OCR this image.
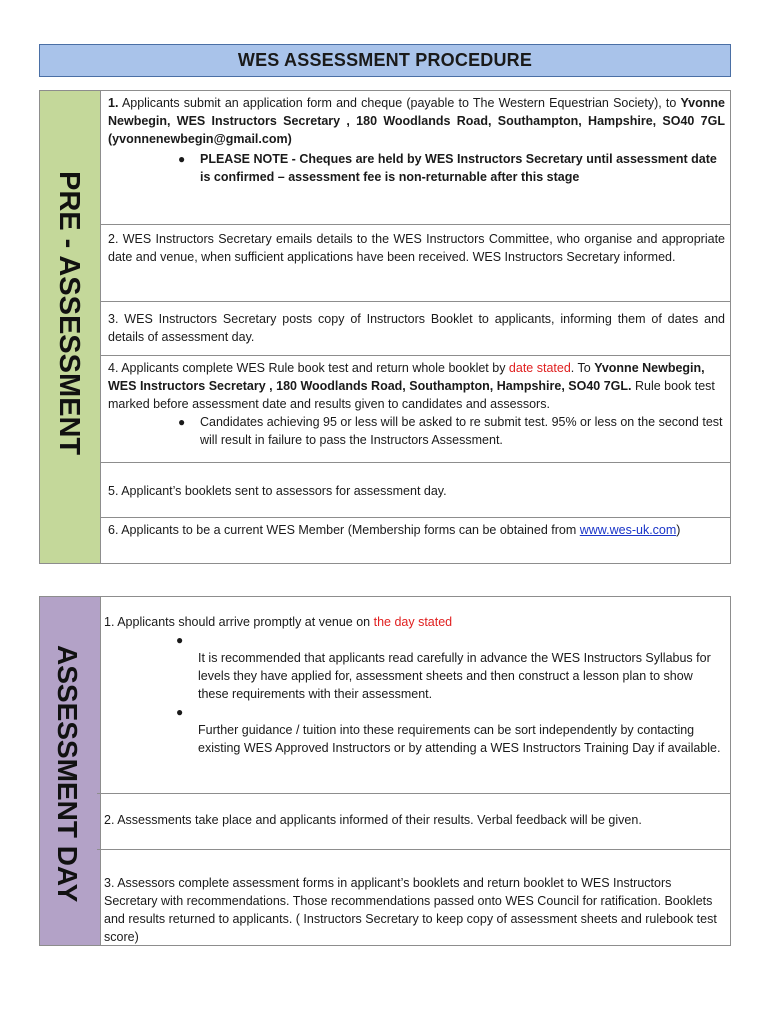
WES ASSESSMENT PROCEDURE
PRE - ASSESSMENT

1. Applicants submit an application form and cheque (payable to The Western Equestrian Society), to Yvonne Newbegin, WES Instructors Secretary , 180 Woodlands Road, Southampton, Hampshire, SO40 7GL (yvonnenewbegin@gmail.com)

● PLEASE NOTE - Cheques are held by WES Instructors Secretary until assessment date is confirmed – assessment fee is non-returnable after this stage

2. WES Instructors Secretary emails details to the WES Instructors Committee, who organise and appropriate date and venue, when sufficient applications have been received. WES Instructors Secretary informed.

3. WES Instructors Secretary posts copy of Instructors Booklet to applicants, informing them of dates and details of assessment day.

4. Applicants complete WES Rule book test and return whole booklet by date stated. To Yvonne Newbegin, WES Instructors Secretary , 180 Woodlands Road, Southampton, Hampshire, SO40 7GL. Rule book test marked before assessment date and results given to candidates and assessors.

● Candidates achieving 95 or less will be asked to re submit test. 95% or less on the second test will result in failure to pass the Instructors Assessment.

5. Applicant’s booklets sent to assessors for assessment day.

6. Applicants to be a current WES Member (Membership forms can be obtained from www.wes-uk.com)

ASSESSMENT DAY

1. Applicants should arrive promptly at venue on the day stated

●
It is recommended that applicants read carefully in advance the WES Instructors Syllabus for levels they have applied for, assessment sheets and then construct a lesson plan to show these requirements with their assessment.
●
Further guidance / tuition into these requirements can be sort independently by contacting existing WES Approved Instructors or by attending a WES Instructors Training Day if available.

2. Assessments take place and applicants informed of their results. Verbal feedback will be given.

3. Assessors complete assessment forms in applicant’s booklets and return booklet to WES Instructors Secretary with recommendations. Those recommendations passed onto WES Council for ratification. Booklets and results returned to applicants. ( Instructors Secretary to keep copy of assessment sheets and rulebook test score)
